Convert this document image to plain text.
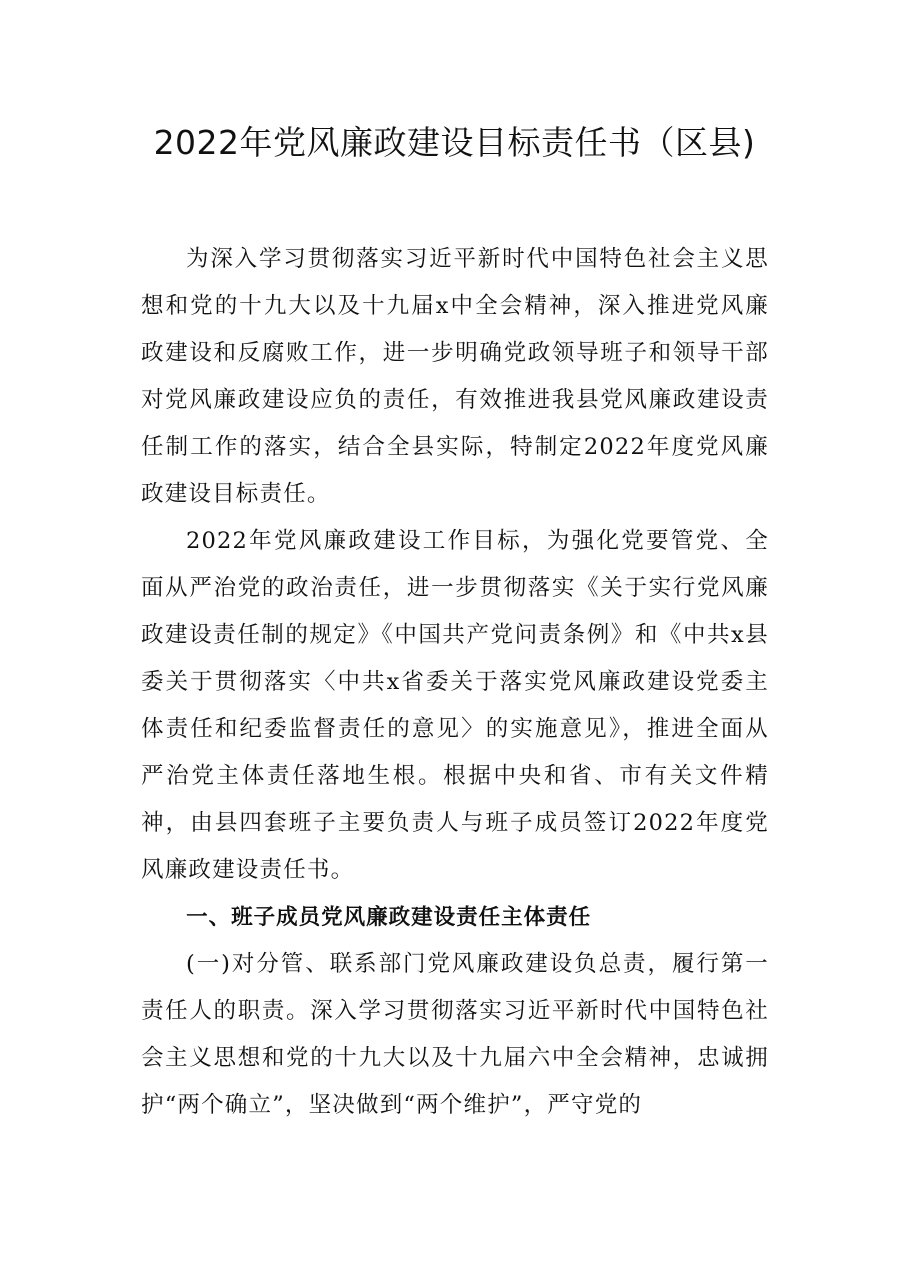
2022年党风廉政建设目标责任书（区县)

为深入学习贯彻落实习近平新时代中国特色社会主义思想和党的十九大以及十九届x中全会精神，深入推进党风廉政建设和反腐败工作，进一步明确党政领导班子和领导干部对党风廉政建设应负的责任，有效推进我县党风廉政建设责任制工作的落实，结合全县实际，特制定2022年度党风廉政建设目标责任。

2022年党风廉政建设工作目标，为强化党要管党、全面从严治党的政治责任，进一步贯彻落实《关于实行党风廉政建设责任制的规定》《中国共产党问责条例》和《中共x县委关于贯彻落实〈中共x省委关于落实党风廉政建设党委主体责任和纪委监督责任的意见〉的实施意见》，推进全面从严治党主体责任落地生根。根据中央和省、市有关文件精神，由县四套班子主要负责人与班子成员签订2022年度党风廉政建设责任书。

一、班子成员党风廉政建设责任主体责任

(一)对分管、联系部门党风廉政建设负总责，履行第一责任人的职责。深入学习贯彻落实习近平新时代中国特色社会主义思想和党的十九大以及十九届六中全会精神，忠诚拥护“两个确立”，坚决做到“两个维护”，严守党的
